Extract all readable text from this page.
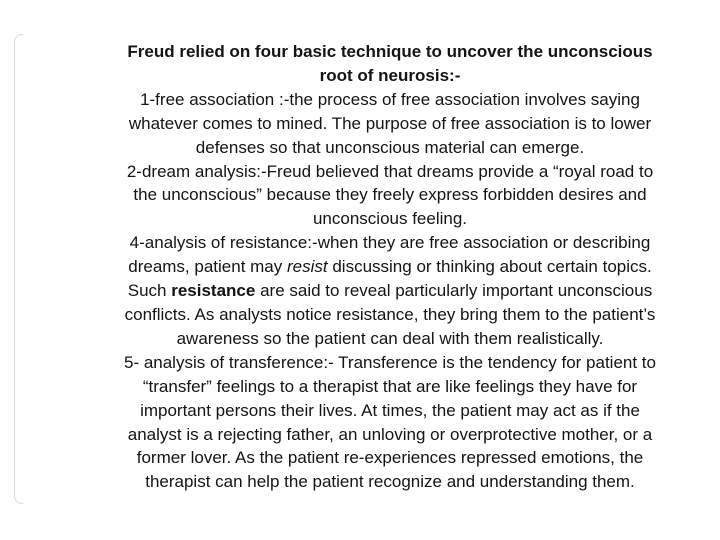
Freud relied on four basic technique to uncover the unconscious
root of neurosis:-
1-free association :-the process of free association involves saying
whatever comes to mined. The purpose of free association is to lower
defenses so that unconscious material can emerge.
2-dream analysis:-Freud believed that dreams provide a “royal road to
the unconscious” because they freely express forbidden desires and
unconscious feeling.
4-analysis of resistance:-when they are free association or describing
dreams, patient may resist discussing or thinking about certain topics.
Such resistance are said to reveal particularly important unconscious
conflicts. As analysts notice resistance, they bring them to the patient’s
awareness so the patient can deal with them realistically.
5- analysis of transference:- Transference is the tendency for patient to
“transfer” feelings to a therapist that are like feelings they have for
important persons their lives. At times, the patient may act as if the
analyst is a rejecting father, an unloving or overprotective mother, or a
former lover. As the patient re-experiences repressed emotions, the
therapist can help the patient recognize and understanding them.
